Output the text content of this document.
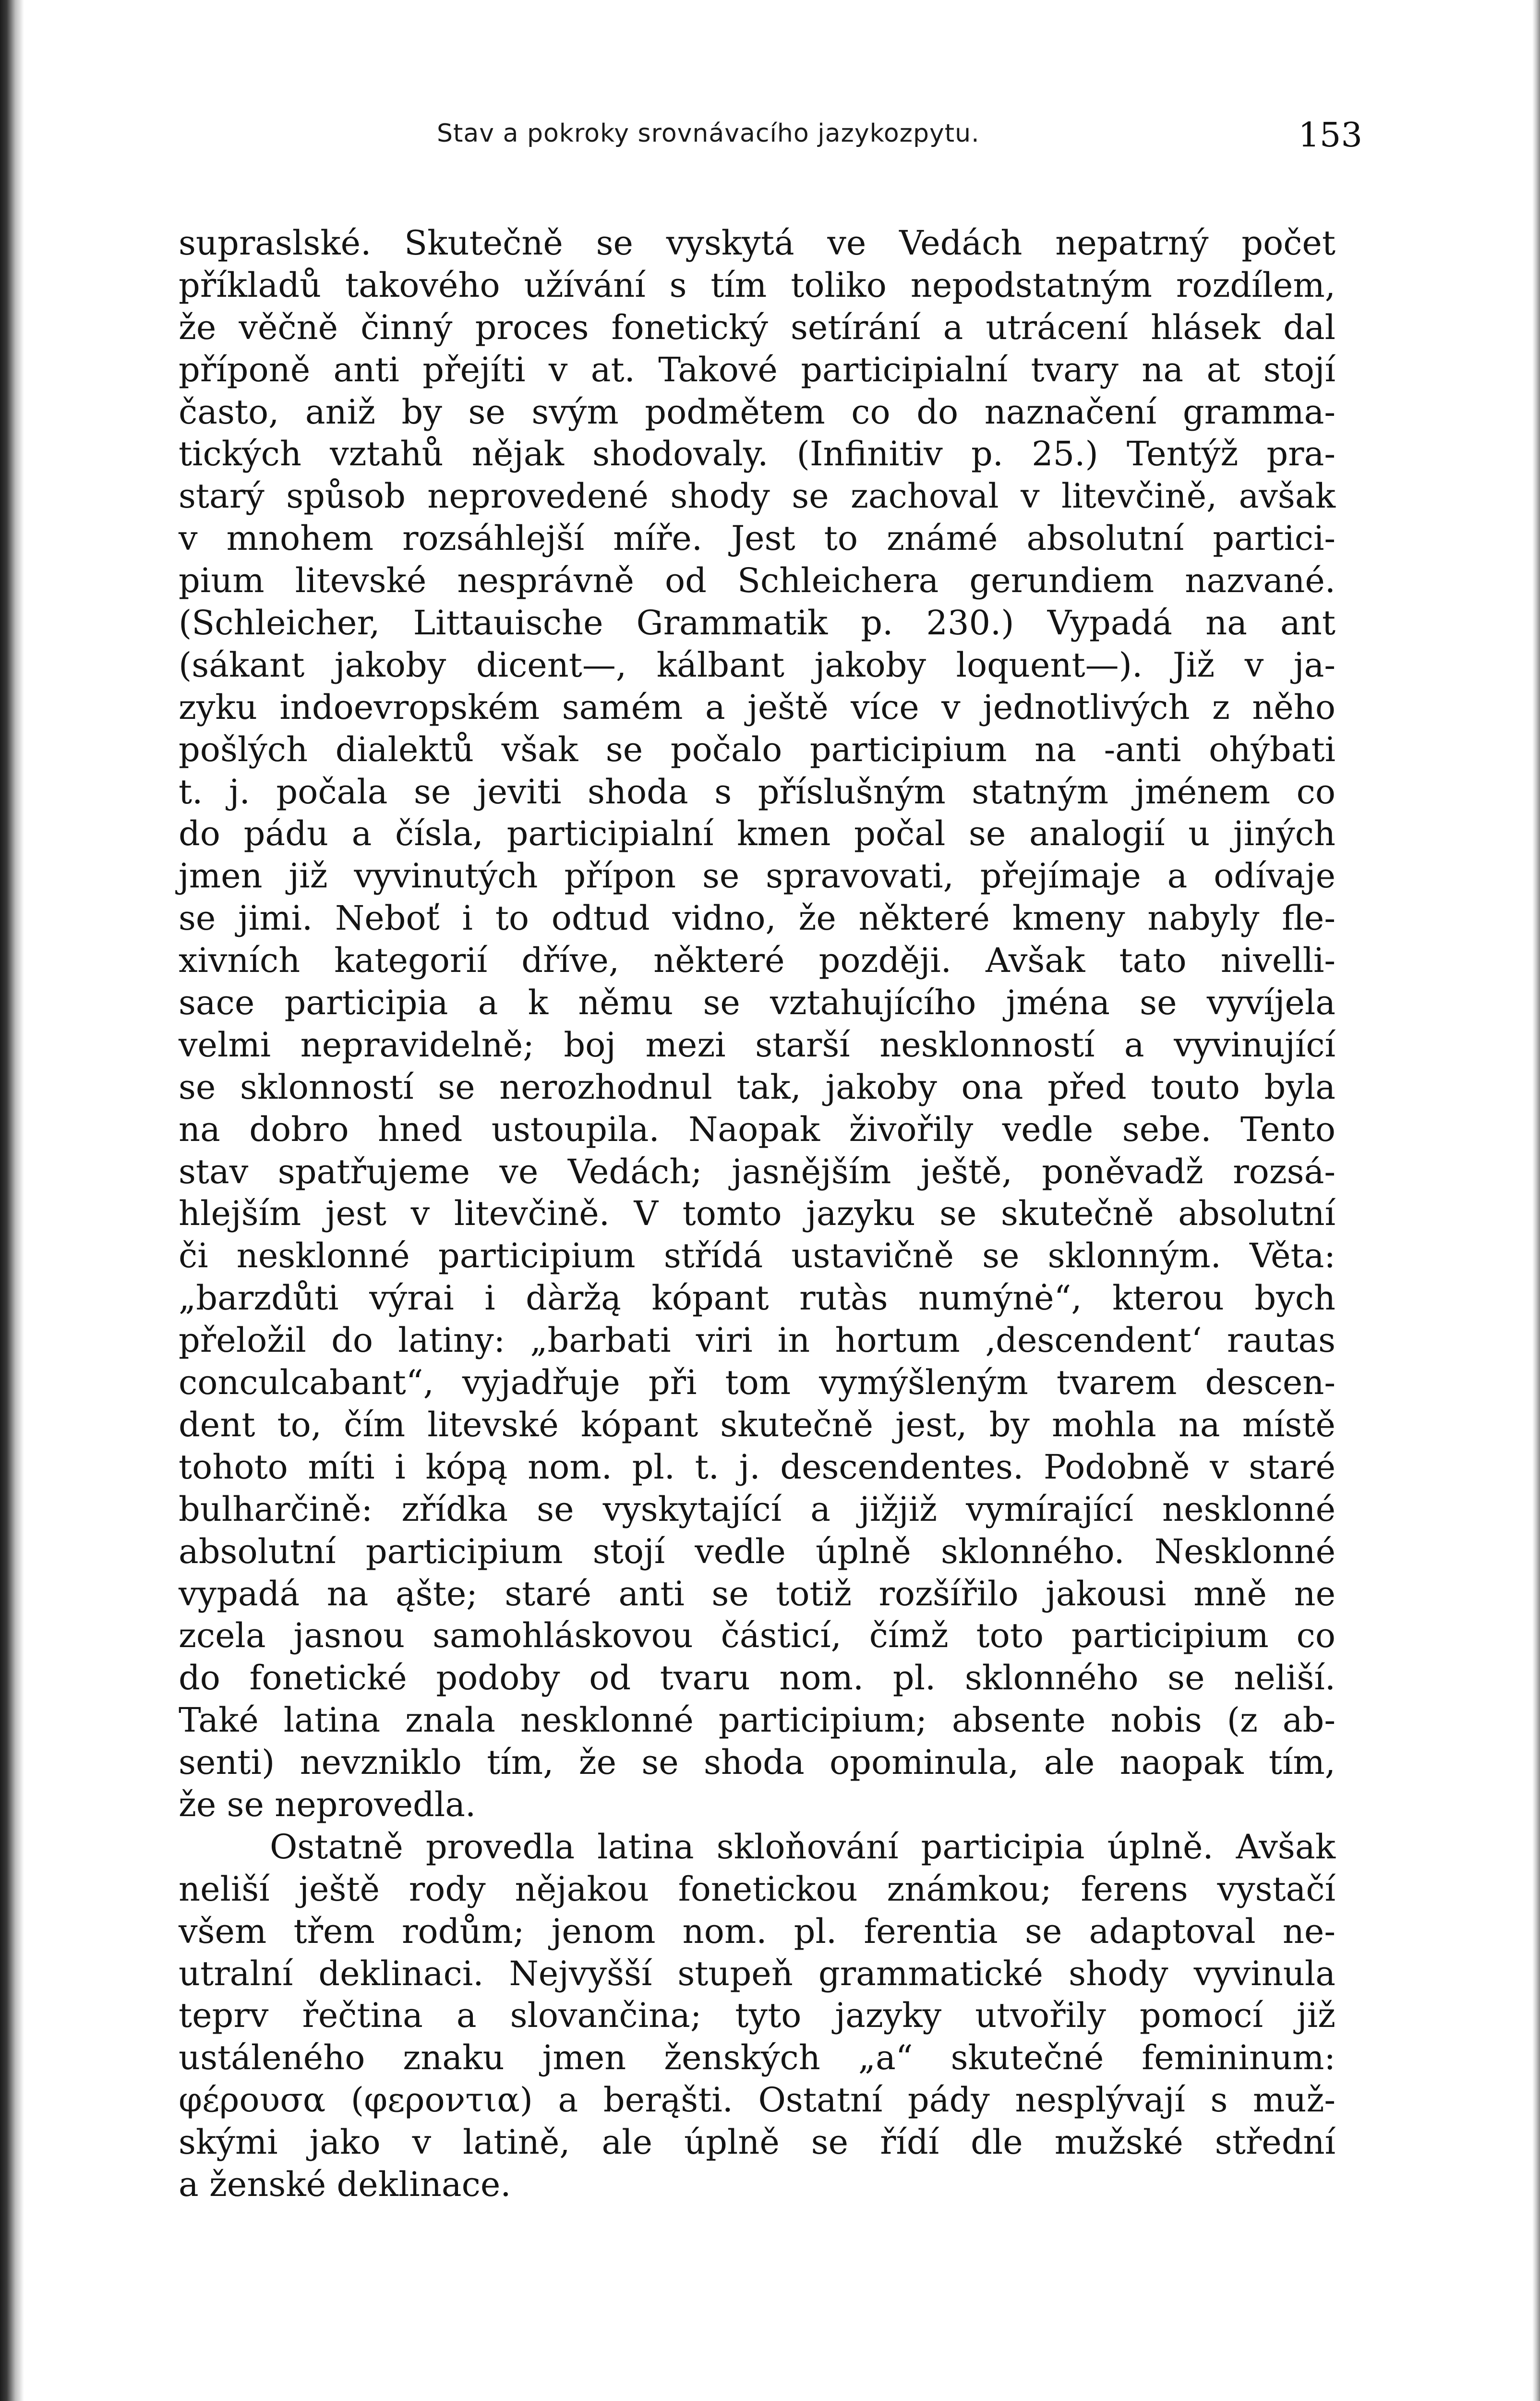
Stav a pokroky srovnávacího jazykozpytu.	153
supraslské. Skutečně se vyskytá ve Vedách nepatrný počet
příkladů takového užívání s tím toliko nepodstatným rozdílem,
že věčně činný proces fonetický setírání a utrácení hlásek dal
příponě anti přejíti v at. Takové participialní tvary na at stojí
často, aniž by se svým podmětem co do naznačení gramma-
tických vztahů nějak shodovaly. (Infinitiv p. 25.) Tentýž pra-
starý spůsob neprovedené shody se zachoval v litevčině, avšak
v mnohem rozsáhlejší míře. Jest to známé absolutní partici-
pium litevské nesprávně od Schleichera gerundiem nazvané.
(Schleicher, Littauische Grammatik p. 230.) Vypadá na ant
(sákant jakoby dicent—, kálbant jakoby loquent—). Již v ja-
zyku indoevropském samém a ještě více v jednotlivých z něho
pošlých dialektů však se počalo participium na -anti ohýbati
t. j. počala se jeviti shoda s příslušným statným jménem co
do pádu a čísla, participialní kmen počal se analogií u jiných
jmen již vyvinutých přípon se spravovati, přejímaje a odívaje
se jimi. Neboť i to odtud vidno, že některé kmeny nabyly fle-
xivních kategorií dříve, některé později. Avšak tato nivelli-
sace participia a k němu se vztahujícího jména se vyvíjela
velmi nepravidelně; boj mezi starší nesklonností a vyvinující
se sklonností se nerozhodnul tak, jakoby ona před touto byla
na dobro hned ustoupila. Naopak živořily vedle sebe. Tento
stav spatřujeme ve Vedách; jasnějším ještě, poněvadž rozsá-
hlejším jest v litevčině. V tomto jazyku se skutečně absolutní
či nesklonné participium střídá ustavičně se sklonným. Věta:
„barzdůti výrai i dàržą kópant rutàs numýnė“, kterou bych
přeložil do latiny: „barbati viri in hortum ‚descendent‘ rautas
conculcabant“, vyjadřuje při tom vymýšleným tvarem descen-
dent to, čím litevské kópant skutečně jest, by mohla na místě
tohoto míti i kópą nom. pl. t. j. descendentes. Podobně v staré
bulharčině: zřídka se vyskytající a jižjiž vymírající nesklonné
absolutní participium stojí vedle úplně sklonného. Nesklonné
vypadá na ąšte; staré anti se totiž rozšířilo jakousi mně ne
zcela jasnou samohláskovou částicí, čímž toto participium co
do fonetické podoby od tvaru nom. pl. sklonného se neliší.
Také latina znala nesklonné participium; absente nobis (z ab-
senti) nevzniklo tím, že se shoda opominula, ale naopak tím,
že se neprovedla.
Ostatně provedla latina skloňování participia úplně. Avšak
neliší ještě rody nějakou fonetickou známkou; ferens vystačí
všem třem rodům; jenom nom. pl. ferentia se adaptoval ne-
utralní deklinaci. Nejvyšší stupeň grammatické shody vyvinula
teprv řečtina a slovančina; tyto jazyky utvořily pomocí již
ustáleného znaku jmen ženských „a“ skutečné femininum:
φέρουσα (φερoντια) a berąšti. Ostatní pády nesplývají s muž-
skými jako v latině, ale úplně se řídí dle mužské střední
a ženské deklinace.
